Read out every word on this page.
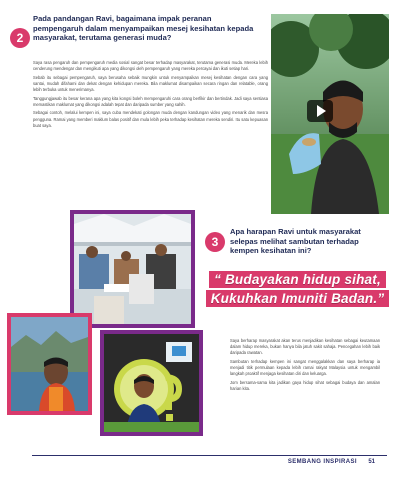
2
Pada pandangan Ravi, bagaimana impak peranan pempengaruh dalam menyampaikan mesej kesihatan kepada masyarakat, terutama generasi muda?

Saya rasa pengaruh dan pempengaruh media sosial sangat besar terhadap masyarakat, terutama generasi muda. Mereka lebih cenderung mendengar dan mengikuti apa yang dikongsi oleh pempengaruh yang mereka percayai dan ikuti setiap hari.

Sebab itu sebagai pempengaruh, saya berusaha sebaik mungkin untuk menyampaikan mesej kesihatan dengan cara yang santai, mudah difahami dan dekat dengan kehidupan mereka. Bila maklumat disampaikan secara ringan dan relatable, orang lebih terbuka untuk menerimanya.

Tanggungjawab itu besar kerana apa yang kita kongsi boleh mempengaruhi cara orang berfikir dan bertindak. Jadi saya sentiasa memastikan maklumat yang dikongsi adalah tepat dan daripada sumber yang sahih.

Sebagai contoh, melalui kempen ini, saya cuba mendekati golongan muda dengan kandungan video yang menarik dan mesra pengguna. Ramai yang memberi maklum balas positif dan mula lebih peka terhadap kesihatan mereka sendiri. Itu satu kepuasan buat saya.

3
Apa harapan Ravi untuk masyarakat selepas melihat sambutan terhadap kempen kesihatan ini?
“ Budayakan hidup sihat,
Kukuhkan Imuniti Badan.”

Saya berharap masyarakat akan terus menjadikan kesihatan sebagai keutamaan dalam hidup mereka, bukan hanya bila jatuh sakit sahaja. Pencegahan lebih baik daripada rawatan.

Sambutan terhadap kempen ini sangat menggalakkan dan saya berharap ia menjadi titik permulaan kepada lebih ramai rakyat Malaysia untuk mengambil langkah proaktif menjaga kesihatan diri dan keluarga.

Jom bersama-sama kita jadikan gaya hidup sihat sebagai budaya dan amalan harian kita.

SEMBANG INSPIRASI 51
